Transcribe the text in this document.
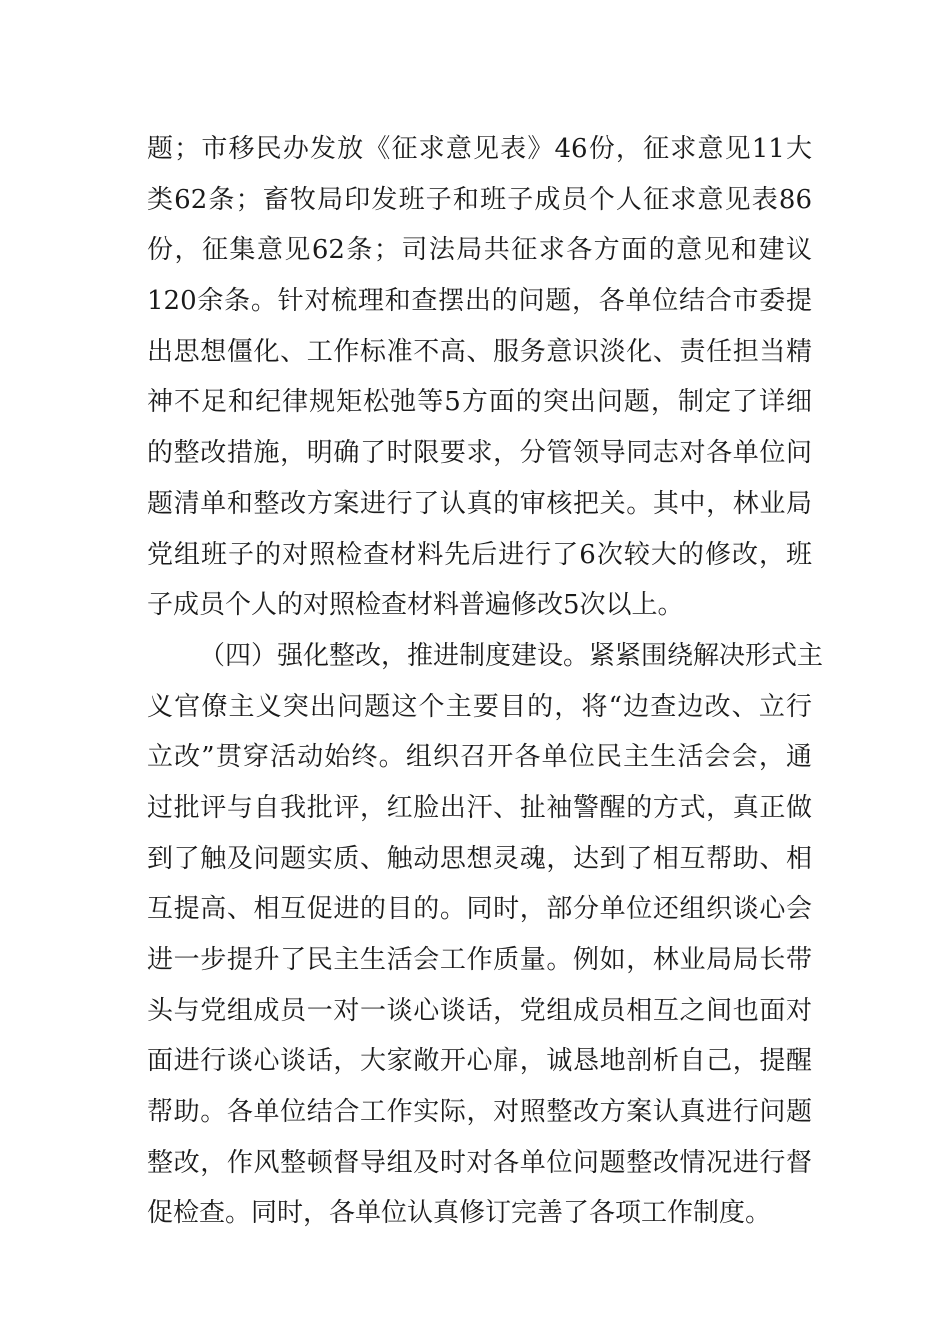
题；市移民办发放《征求意见表》46份，征求意见11大
类62条；畜牧局印发班子和班子成员个人征求意见表86
份，征集意见62条；司法局共征求各方面的意见和建议
120余条。针对梳理和查摆出的问题，各单位结合市委提
出思想僵化、工作标准不高、服务意识淡化、责任担当精
神不足和纪律规矩松弛等5方面的突出问题，制定了详细
的整改措施，明确了时限要求，分管领导同志对各单位问
题清单和整改方案进行了认真的审核把关。其中，林业局
党组班子的对照检查材料先后进行了6次较大的修改，班
子成员个人的对照检查材料普遍修改5次以上。
（四）强化整改，推进制度建设。紧紧围绕解决形式主
义官僚主义突出问题这个主要目的，将“边查边改、立行
立改”贯穿活动始终。组织召开各单位民主生活会会，通
过批评与自我批评，红脸出汗、扯袖警醒的方式，真正做
到了触及问题实质、触动思想灵魂，达到了相互帮助、相
互提高、相互促进的目的。同时，部分单位还组织谈心会
进一步提升了民主生活会工作质量。例如，林业局局长带
头与党组成员一对一谈心谈话，党组成员相互之间也面对
面进行谈心谈话，大家敞开心扉，诚恳地剖析自己，提醒
帮助。各单位结合工作实际，对照整改方案认真进行问题
整改，作风整顿督导组及时对各单位问题整改情况进行督
促检查。同时，各单位认真修订完善了各项工作制度。
